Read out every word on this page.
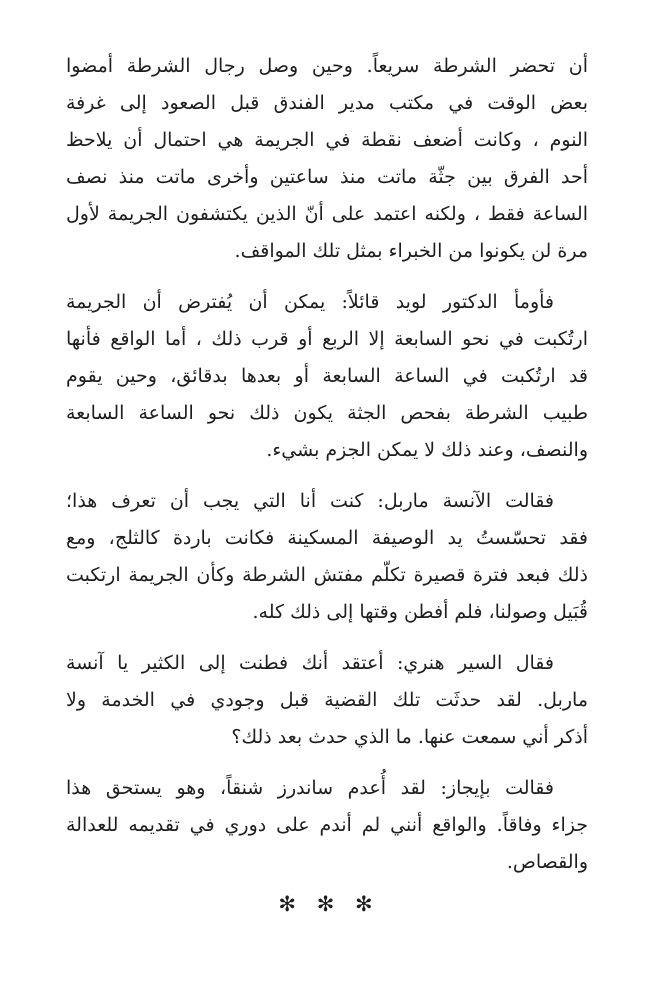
أن تحضر الشرطة سريعاً. وحين وصل رجال الشرطة أمضوا
بعض الوقت في مكتب مدير الفندق قبل الصعود إلى غرفة
النوم ، وكانت أضعف نقطة في الجريمة هي احتمال أن يلاحظ
أحد الفرق بين جثّة ماتت منذ ساعتين وأخرى ماتت منذ نصف
الساعة فقط ، ولكنه اعتمد على أنّ الذين يكتشفون الجريمة لأول
مرة لن يكونوا من الخبراء بمثل تلك المواقف.

فأومأ الدكتور لويد قائلاً: يمكن أن يُفترض أن الجريمة
ارتُكبت في نحو السابعة إلا الربع أو قرب ذلك ، أما الواقع فأنها
قد ارتُكبت في الساعة السابعة أو بعدها بدقائق، وحين يقوم
طبيب الشرطة بفحص الجثة يكون ذلك نحو الساعة السابعة
والنصف، وعند ذلك لا يمكن الجزم بشيء.

فقالت الآنسة ماربل: كنت أنا التي يجب أن تعرف هذا؛
فقد تحسّستُ يد الوصيفة المسكينة فكانت باردة كالثلج، ومع
ذلك فبعد فترة قصيرة تكلّم مفتش الشرطة وكأن الجريمة ارتكبت
قُبَيل وصولنا، فلم أفطن وقتها إلى ذلك كله.

فقال السير هنري: أعتقد أنك فطنت إلى الكثير يا آنسة
ماربل. لقد حدثَت تلك القضية قبل وجودي في الخدمة ولا
أذكر أني سمعت عنها. ما الذي حدث بعد ذلك؟

فقالت بإيجاز: لقد أُعدم ساندرز شنقاً، وهو يستحق هذا
جزاء وفاقاً. والواقع أنني لم أندم على دوري في تقديمه للعدالة
والقصاص.

✻ ✻ ✻
